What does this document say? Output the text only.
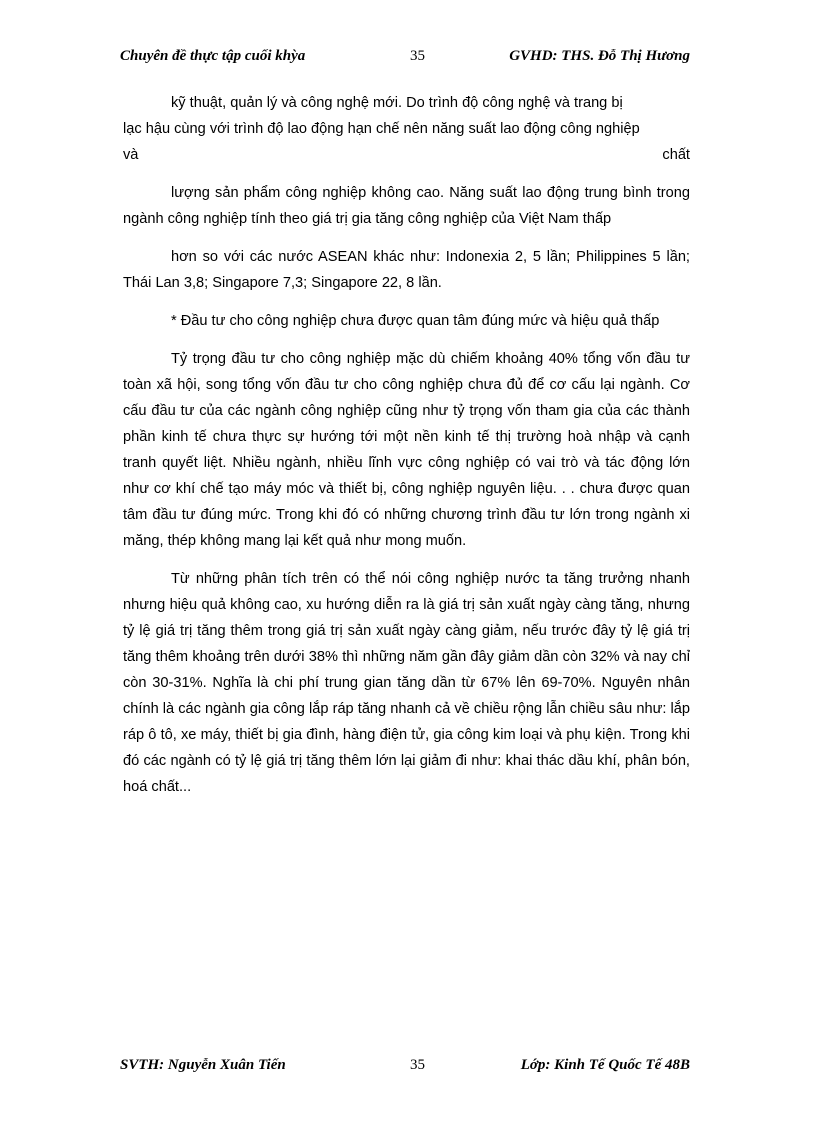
Chuyên đề thực tập cuối khỳa	35	GVHD: THS. Đỗ Thị Hương

kỹ thuật, quản lý và công nghệ mới. Do trình độ công nghệ và trang bị

lạc hậu cùng với trình độ lao động hạn chế nên năng suất lao động công nghiệp

và	chất

lượng sản phẩm công nghiệp không cao. Năng suất lao động trung bình trong ngành công nghiệp tính theo giá trị gia tăng công nghiệp của Việt Nam thấp

hơn so với các nước ASEAN khác như: Indonexia 2, 5 lần; Philippines 5 lần; Thái Lan 3,8; Singapore 7,3; Singapore 22, 8 lần.

* Đầu tư cho công nghiệp chưa được quan tâm đúng mức và hiệu quả thấp

Tỷ trọng đầu tư cho công nghiệp mặc dù chiếm khoảng 40% tổng vốn đầu tư toàn xã hội, song tổng vốn đầu tư cho công nghiệp chưa đủ để cơ cấu lại ngành. Cơ cấu đầu tư của các ngành công nghiệp cũng như tỷ trọng vốn tham gia của các thành phần kinh tế chưa thực sự hướng tới một nền kinh tế thị trường hoà nhập và cạnh tranh quyết liệt. Nhiều ngành, nhiều lĩnh vực công nghiệp có vai trò và tác động lớn như cơ khí chế tạo máy móc và thiết bị, công nghiệp nguyên liệu. . . chưa được quan tâm đầu tư đúng mức. Trong khi đó có những chương trình đầu tư lớn trong ngành xi măng, thép không mang lại kết quả như mong muốn.

Từ những phân tích trên có thể nói công nghiệp nước ta tăng trưởng nhanh nhưng hiệu quả không cao, xu hướng diễn ra là giá trị sản xuất ngày càng tăng, nhưng tỷ lệ giá trị tăng thêm trong giá trị sản xuất ngày càng giảm, nếu trước đây tỷ lệ giá trị tăng thêm khoảng trên dưới 38% thì những năm gần đây giảm dần còn 32% và nay chỉ còn 30-31%. Nghĩa là chi phí trung gian tăng dần từ 67% lên 69-70%. Nguyên nhân chính là các ngành gia công lắp ráp tăng nhanh cả về chiều rộng lẫn chiều sâu như: lắp ráp ô tô, xe máy, thiết bị gia đình, hàng điện tử, gia công kim loại và phụ kiện. Trong khi đó các ngành có tỷ lệ giá trị tăng thêm lớn lại giảm đi như: khai thác dầu khí, phân bón, hoá chất...

SVTH: Nguyễn Xuân Tiến	35	Lớp: Kinh Tế Quốc Tế 48B
